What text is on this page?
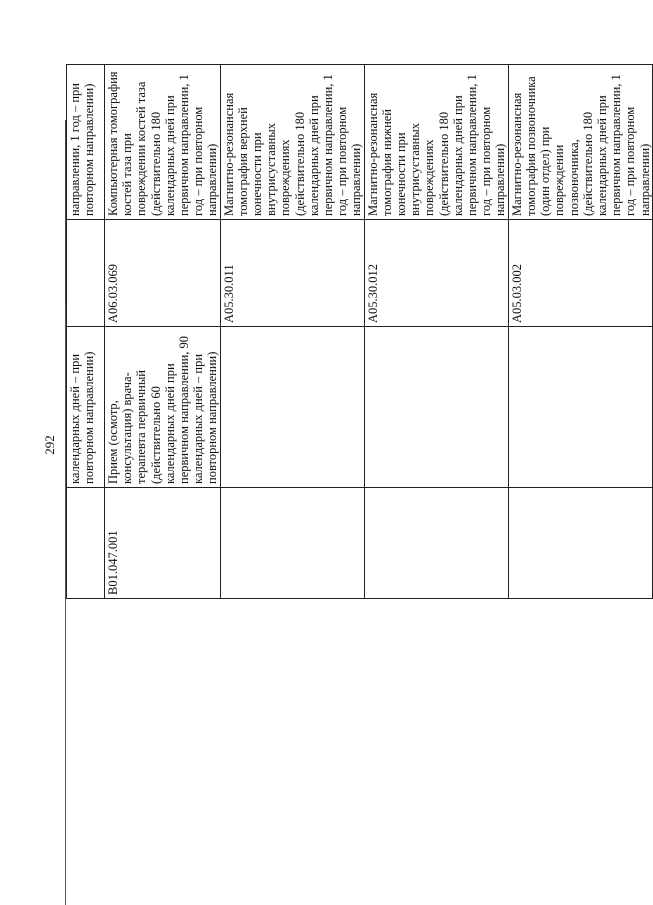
292
	календарных дней – при повторном направлении)		направлении, 1 год – при повторном направлении)
B01.047.001	Прием (осмотр, консультация) врача-терапевта первичный (действительно 60 календарных дней при первичном направлении, 90 календарных дней – при повторном направлении)	A06.03.069	Компьютерная томография костей таза при повреждении костей таза (действительно 180 календарных дней при первичном направлении, 1 год – при повторном направлении)
		A05.30.011	Магнитно-резонансная томография верхней конечности при внутрисуставных повреждениях (действительно 180 календарных дней при первичном направлении, 1 год – при повторном направлении)
		A05.30.012	Магнитно-резонансная томография нижней конечности при внутрисуставных повреждениях (действительно 180 календарных дней при первичном направлении, 1 год – при повторном направлении)
		A05.03.002	Магнитно-резонансная томография позвоночника (один отдел) при повреждении позвоночника, (действительно 180 календарных дней при первичном направлении, 1 год – при повторном направлении)
